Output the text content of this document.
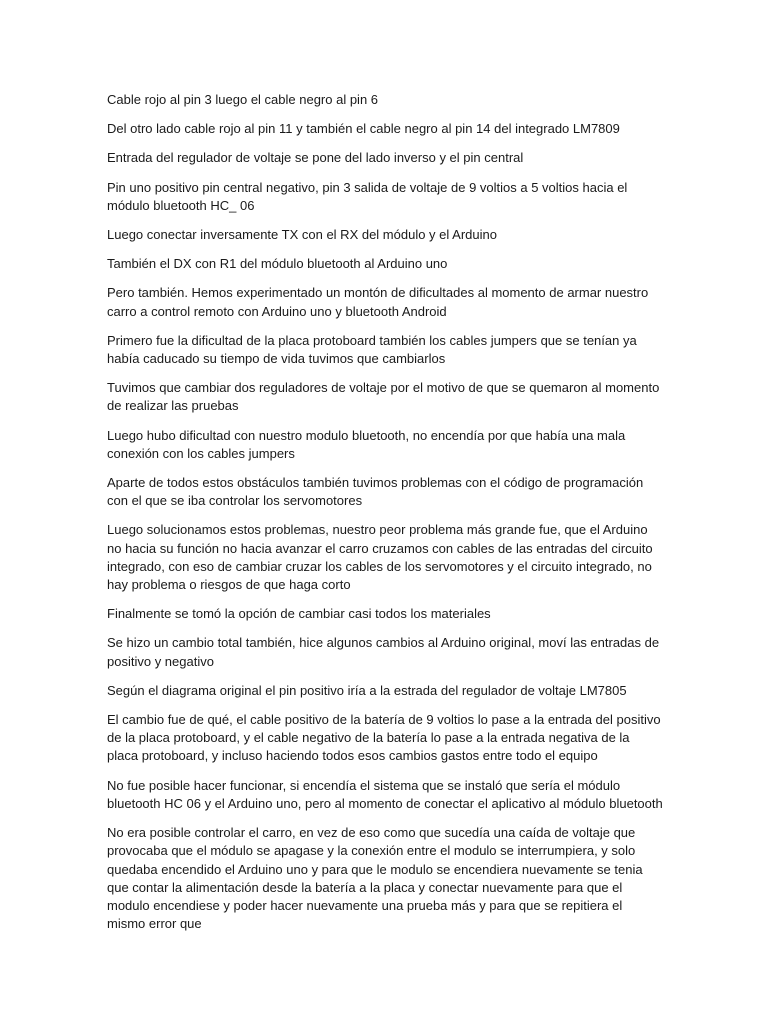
Cable rojo al pin 3 luego el cable negro al pin 6

Del otro lado cable rojo al pin 11 y también el cable negro al pin 14 del integrado LM7809

Entrada del regulador de voltaje se pone del lado inverso y el pin central

Pin uno positivo pin central negativo, pin 3 salida de voltaje de 9 voltios a 5 voltios hacia el módulo bluetooth HC_ 06

Luego conectar inversamente TX con el RX del módulo y el Arduino

También el DX con R1 del módulo bluetooth al Arduino uno

Pero también. Hemos experimentado un montón de dificultades al momento de armar nuestro carro a control remoto con Arduino uno y bluetooth Android

Primero fue la dificultad de la placa protoboard también los cables jumpers que se tenían ya había caducado su tiempo de vida tuvimos que cambiarlos

Tuvimos que cambiar dos reguladores de voltaje por el motivo de que se quemaron al momento de realizar las pruebas

Luego hubo dificultad con nuestro modulo bluetooth, no encendía por que había una mala conexión con los cables jumpers

Aparte de todos estos obstáculos también tuvimos problemas con el código de programación con el que se iba controlar los servomotores

Luego solucionamos estos problemas, nuestro peor problema más grande fue, que el Arduino no hacia su función no hacia avanzar el carro cruzamos con cables de las entradas del circuito integrado, con eso de cambiar cruzar los cables de los servomotores y el circuito integrado, no hay problema o riesgos de que haga corto

Finalmente se tomó la opción de cambiar casi todos los materiales

Se hizo un cambio total también, hice algunos cambios al Arduino original, moví las entradas de positivo y negativo

Según el diagrama original el pin positivo iría a la estrada del regulador de voltaje LM7805

El cambio fue de qué, el cable positivo de la batería de 9 voltios lo pase a la entrada del positivo de la placa protoboard, y el cable negativo de la batería lo pase a la entrada negativa de la placa protoboard, y incluso haciendo todos esos cambios gastos entre todo el equipo

No fue posible hacer funcionar, si encendía el sistema que se instaló que sería el módulo bluetooth HC 06 y el Arduino uno, pero al momento de conectar el aplicativo al módulo bluetooth

No era posible controlar el carro, en vez de eso como que sucedía una caída de voltaje que provocaba que el módulo se apagase y la conexión entre el modulo se interrumpiera, y solo quedaba encendido el Arduino uno y para que le modulo se encendiera nuevamente se tenia que contar la alimentación desde la batería a la placa y conectar nuevamente para que el modulo encendiese y poder hacer nuevamente una prueba más y para que se repitiera el mismo error que
